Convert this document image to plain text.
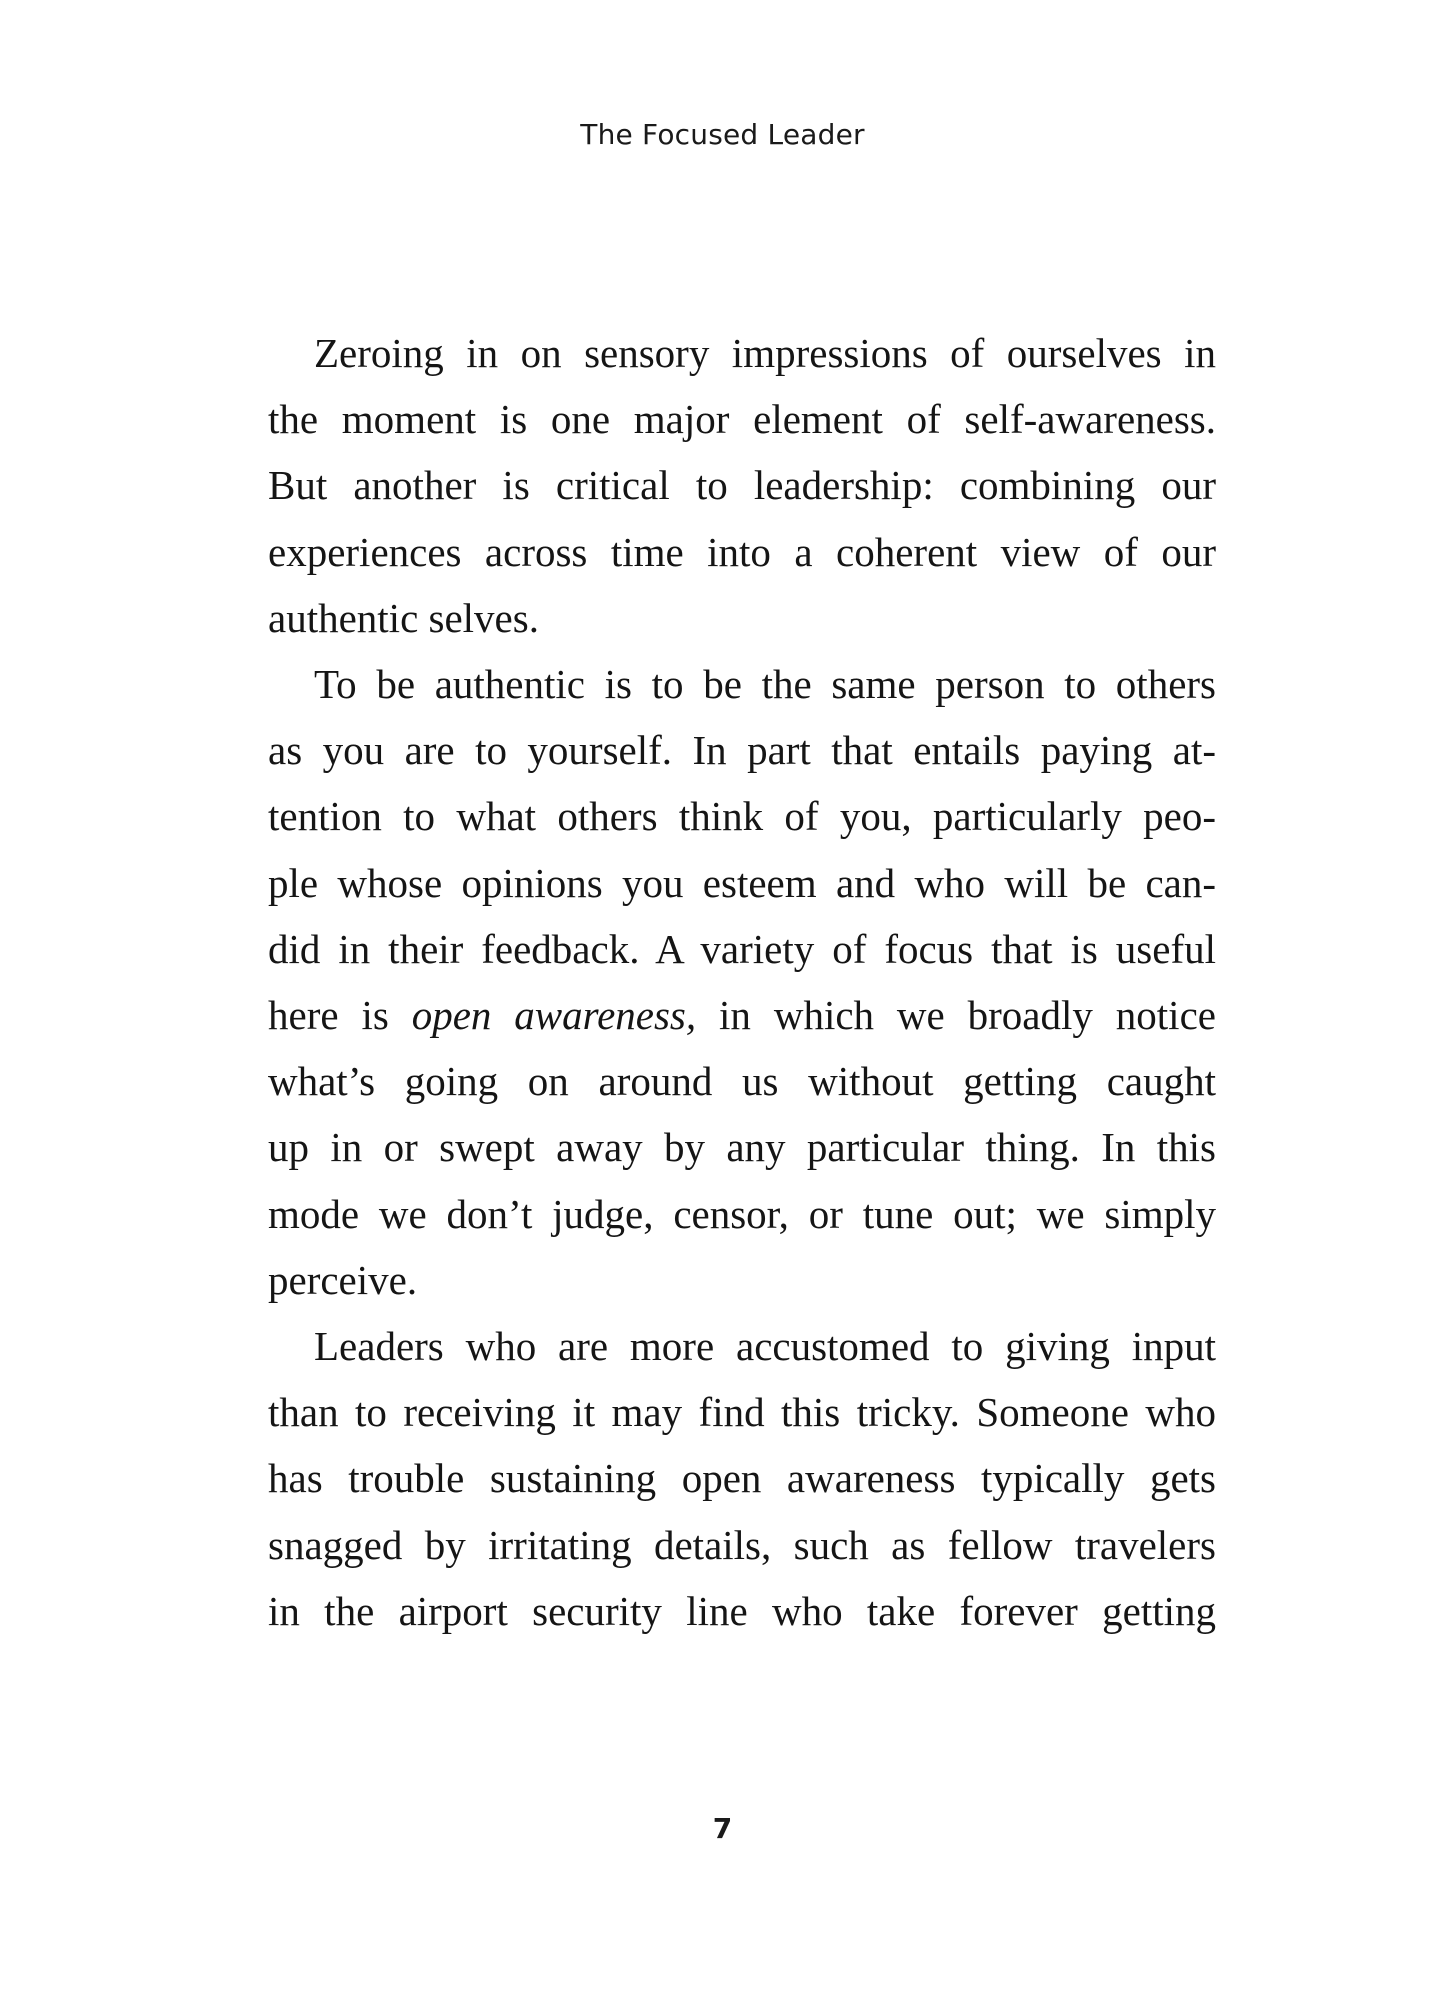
The Focused Leader
Zeroing in on sensory impressions of ourselves in
the moment is one major element of self-awareness.
But another is critical to leadership: combining our
experiences across time into a coherent view of our
authentic selves.
To be authentic is to be the same person to others
as you are to yourself. In part that entails paying at-
tention to what others think of you, particularly peo-
ple whose opinions you esteem and who will be can-
did in their feedback. A variety of focus that is useful
here is open awareness, in which we broadly notice
what’s going on around us without getting caught
up in or swept away by any particular thing. In this
mode we don’t judge, censor, or tune out; we simply
perceive.
Leaders who are more accustomed to giving input
than to receiving it may find this tricky. Someone who
has trouble sustaining open awareness typically gets
snagged by irritating details, such as fellow travelers
in the airport security line who take forever getting
7
